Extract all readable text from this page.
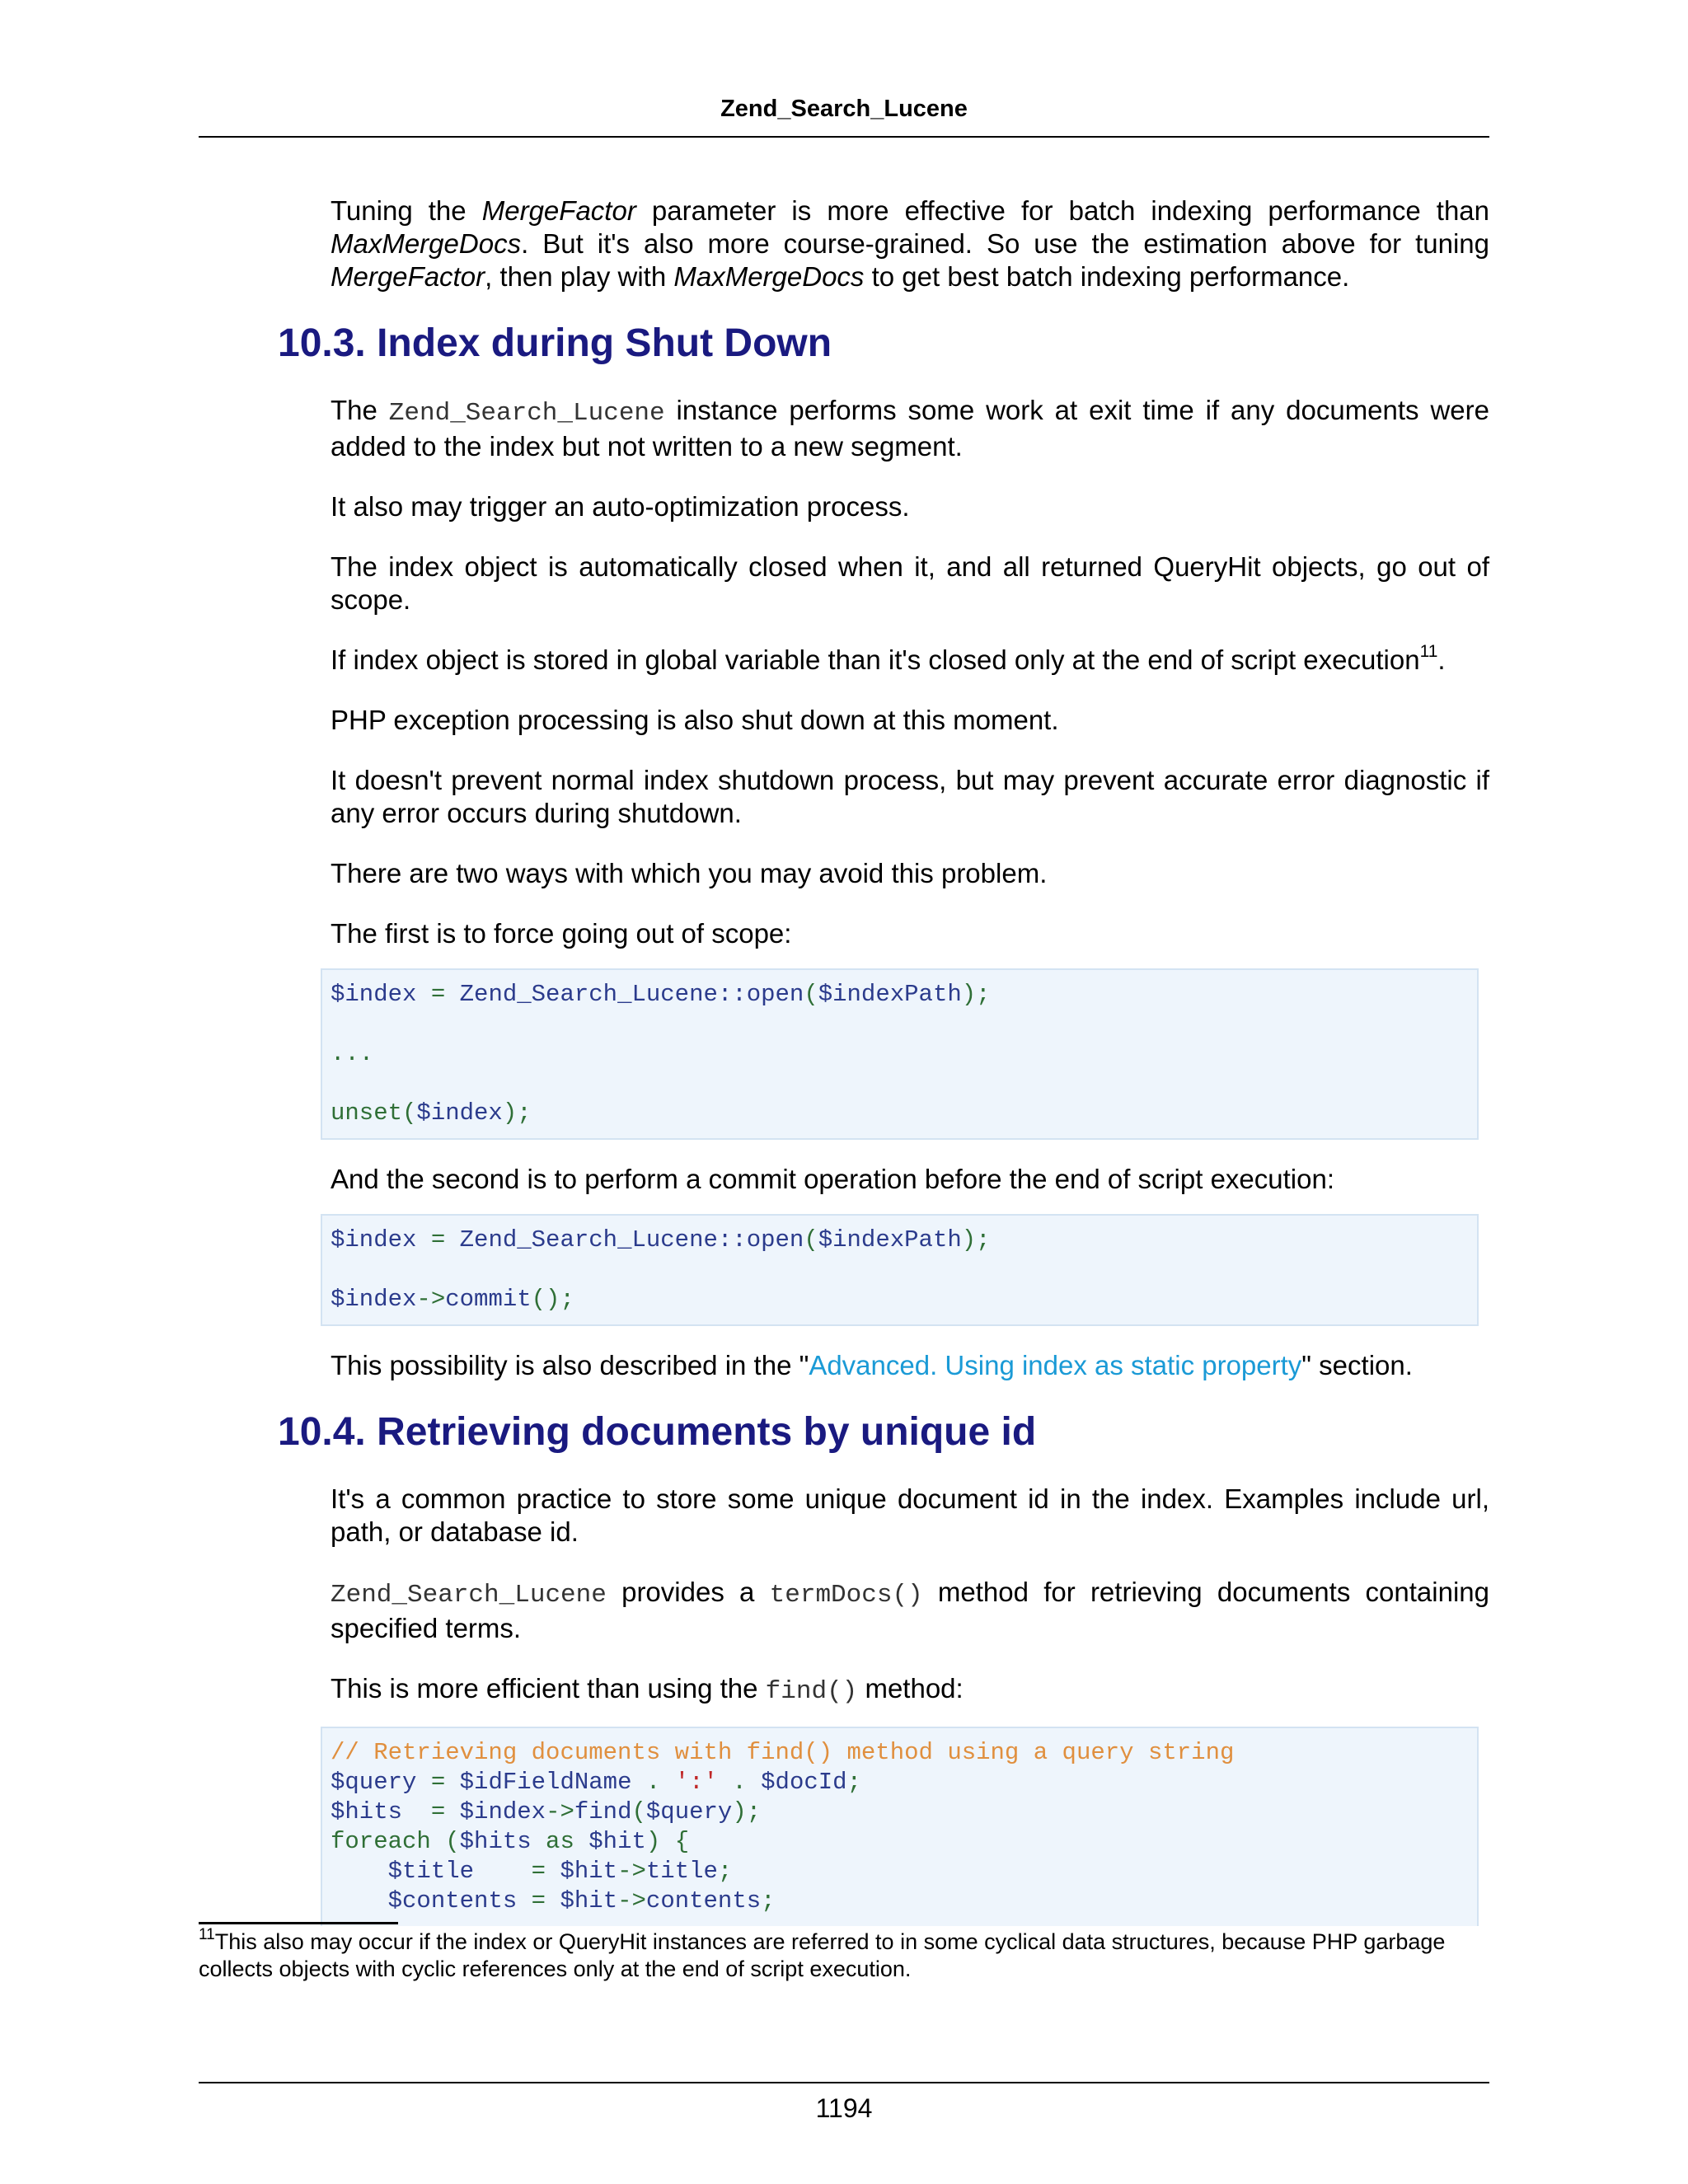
Zend_Search_Lucene

Tuning the MergeFactor parameter is more effective for batch indexing performance than MaxMergeDocs. But it's also more course-grained. So use the estimation above for tuning MergeFactor, then play with MaxMergeDocs to get best batch indexing performance.

10.3. Index during Shut Down

The Zend_Search_Lucene instance performs some work at exit time if any documents were added to the index but not written to a new segment.

It also may trigger an auto-optimization process.

The index object is automatically closed when it, and all returned QueryHit objects, go out of scope.

If index object is stored in global variable than it's closed only at the end of script execution$^{11}$.

PHP exception processing is also shut down at this moment.

It doesn't prevent normal index shutdown process, but may prevent accurate error diagnostic if any error occurs during shutdown.

There are two ways with which you may avoid this problem.

The first is to force going out of scope:

$index = Zend_Search_Lucene::open($indexPath);
...
unset($index);

And the second is to perform a commit operation before the end of script execution:

$index = Zend_Search_Lucene::open($indexPath);
$index->commit();

This possibility is also described in the "Advanced. Using index as static property" section.

10.4. Retrieving documents by unique id

It's a common practice to store some unique document id in the index. Examples include url, path, or database id.

Zend_Search_Lucene provides a termDocs() method for retrieving documents containing specified terms.

This is more efficient than using the find() method:

// Retrieving documents with find() method using a query string
$query = $idFieldName . ':' . $docId;
$hits  = $index->find($query);
foreach ($hits as $hit) {
$title    = $hit->title;
$contents = $hit->contents;
$^{11}$This also may occur if the index or QueryHit instances are referred to in some cyclical data structures, because PHP garbage collects objects with cyclic references only at the end of script execution.
1194
